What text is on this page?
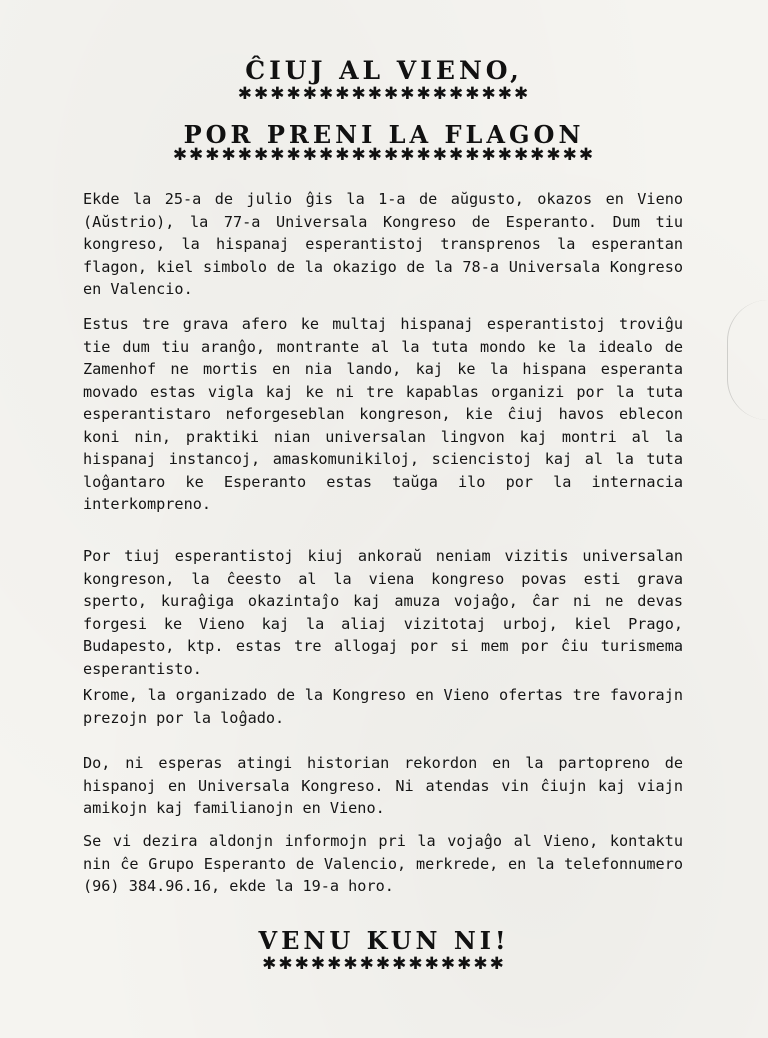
ĈIUJ AL VIENO,
✱✱✱✱✱✱✱✱✱✱✱✱✱✱✱✱✱✱
POR PRENI LA FLAGON
✱✱✱✱✱✱✱✱✱✱✱✱✱✱✱✱✱✱✱✱✱✱✱✱✱✱

Ekde la 25-a de julio ĝis la 1-a de aŭgusto, okazos en Vieno (Aŭstrio), la 77-a Universala Kongreso de Esperanto. Dum tiu kongreso, la hispanaj esperantistoj transprenos la esperantan flagon, kiel simbolo de la okazigo de la 78-a Universala Kongreso en Valencio.

Estus tre grava afero ke multaj hispanaj esperantistoj troviĝu tie dum tiu aranĝo, montrante al la tuta mondo ke la idealo de Zamenhof ne mortis en nia lando, kaj ke la hispana esperanta movado estas vigla kaj ke ni tre kapablas organizi por la tuta esperantistaro neforgeseblan kongreson, kie ĉiuj havos eblecon koni nin, praktiki nian universalan lingvon kaj montri al la hispanaj instancoj, amaskomunikiloj, sciencistoj kaj al la tuta loĝantaro ke Esperanto estas taŭga ilo por la internacia interkompreno.

Por tiuj esperantistoj kiuj ankoraŭ neniam vizitis universalan kongreson, la ĉeesto al la viena kongreso povas esti grava sperto, kuraĝiga okazintaĵo kaj amuza vojaĝo, ĉar ni ne devas forgesi ke Vieno kaj la aliaj vizitotaj urboj, kiel Prago, Budapesto, ktp. estas tre allogaj por si mem por ĉiu turismema esperantisto.

Krome, la organizado de la Kongreso en Vieno ofertas tre favorajn prezojn por la loĝado.

Do, ni esperas atingi historian rekordon en la partopreno de hispanoj en Universala Kongreso. Ni atendas vin ĉiujn kaj viajn amikojn kaj familianojn en Vieno.

Se vi dezira aldonjn informojn pri la vojaĝo al Vieno, kontaktu nin ĉe Grupo Esperanto de Valencio, merkrede, en la telefonnumero (96) 384.96.16, ekde la 19-a horo.

VENU KUN NI!
✱✱✱✱✱✱✱✱✱✱✱✱✱✱✱
